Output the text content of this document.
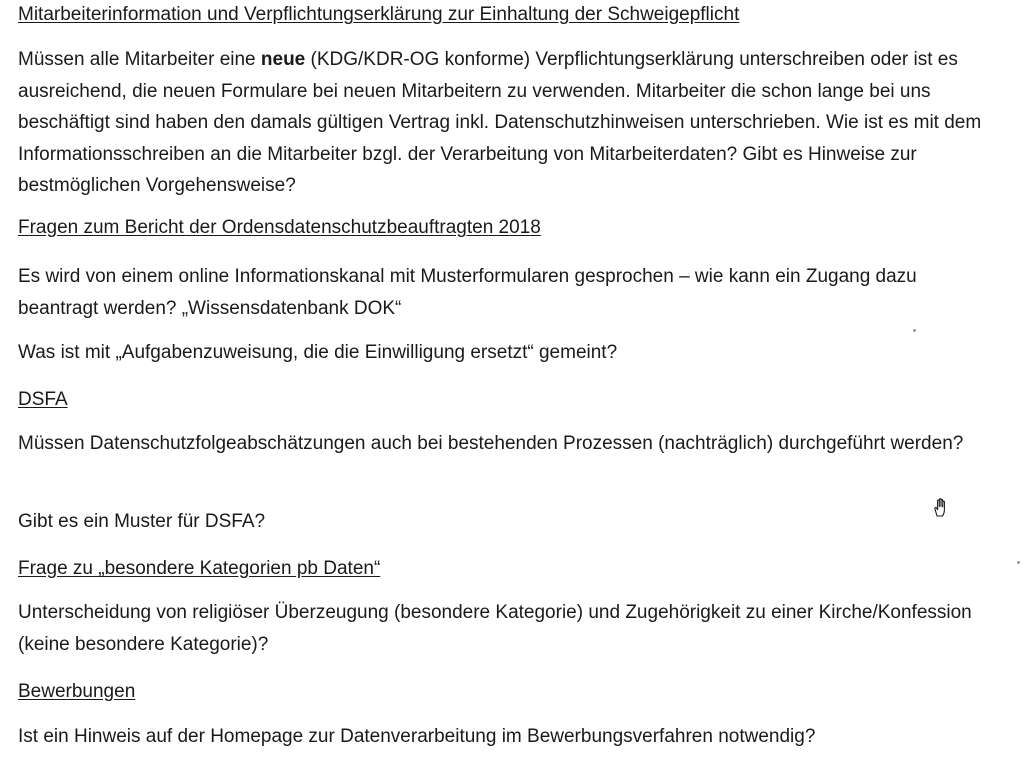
Mitarbeiterinformation und Verpflichtungserklärung zur Einhaltung der Schweigepflicht

Müssen alle Mitarbeiter eine neue (KDG/KDR-OG konforme) Verpflichtungserklärung unterschreiben oder ist es ausreichend, die neuen Formulare bei neuen Mitarbeitern zu verwenden. Mitarbeiter die schon lange bei uns beschäftigt sind haben den damals gültigen Vertrag inkl. Datenschutzhinweisen unterschrieben. Wie ist es mit dem Informationsschreiben an die Mitarbeiter bzgl. der Verarbeitung von Mitarbeiterdaten? Gibt es Hinweise zur bestmöglichen Vorgehensweise?

Fragen zum Bericht der Ordensdatenschutzbeauftragten 2018

Es wird von einem online Informationskanal mit Musterformularen gesprochen – wie kann ein Zugang dazu beantragt werden? „Wissensdatenbank DOK“

Was ist mit „Aufgabenzuweisung, die die Einwilligung ersetzt“ gemeint?

DSFA

Müssen Datenschutzfolgeabschätzungen auch bei bestehenden Prozessen (nachträglich) durchgeführt werden?

Gibt es ein Muster für DSFA?

Frage zu „besondere Kategorien pb Daten“

Unterscheidung von religiöser Überzeugung (besondere Kategorie) und Zugehörigkeit zu einer Kirche/Konfession (keine besondere Kategorie)?

Bewerbungen

Ist ein Hinweis auf der Homepage zur Datenverarbeitung im Bewerbungsverfahren notwendig?
